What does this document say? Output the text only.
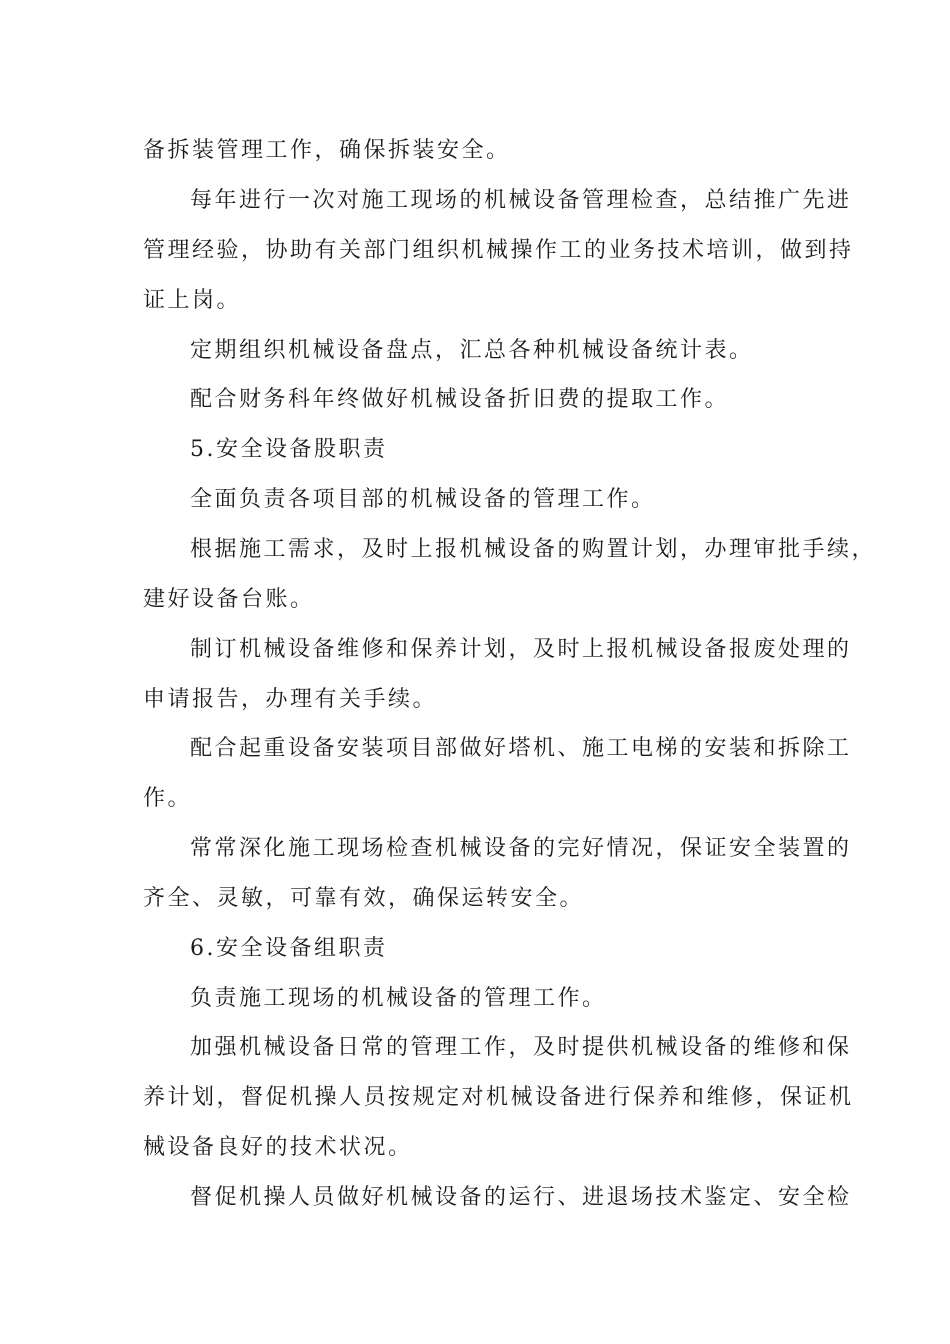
备拆装管理工作，确保拆装安全。
每年进行一次对施工现场的机械设备管理检查，总结推广先进
管理经验，协助有关部门组织机械操作工的业务技术培训，做到持
证上岗。
定期组织机械设备盘点，汇总各种机械设备统计表。
配合财务科年终做好机械设备折旧费的提取工作。
5.安全设备股职责
全面负责各项目部的机械设备的管理工作。
根据施工需求，及时上报机械设备的购置计划，办理审批手续，
建好设备台账。
制订机械设备维修和保养计划，及时上报机械设备报废处理的
申请报告，办理有关手续。
配合起重设备安装项目部做好塔机、施工电梯的安装和拆除工
作。
常常深化施工现场检查机械设备的完好情况，保证安全装置的
齐全、灵敏，可靠有效，确保运转安全。
6.安全设备组职责
负责施工现场的机械设备的管理工作。
加强机械设备日常的管理工作，及时提供机械设备的维修和保
养计划，督促机操人员按规定对机械设备进行保养和维修，保证机
械设备良好的技术状况。
督促机操人员做好机械设备的运行、进退场技术鉴定、安全检
